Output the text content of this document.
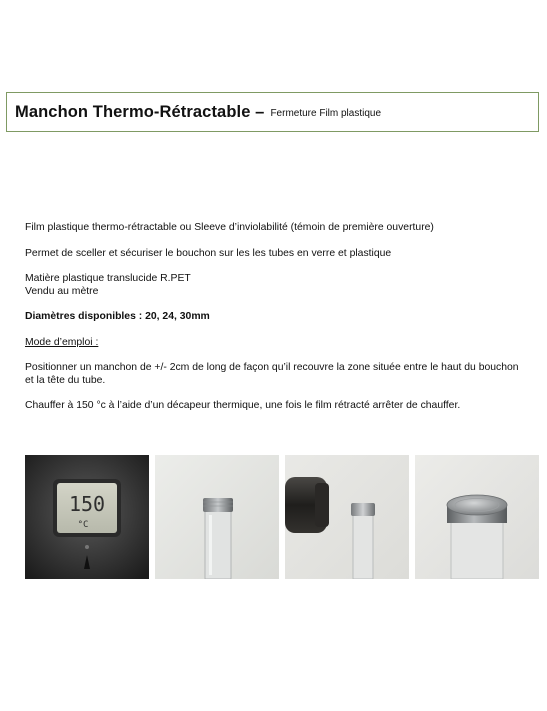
Manchon Thermo-Rétractable – Fermeture Film plastique

Film plastique thermo-rétractable ou Sleeve d’inviolabilité (témoin de première ouverture)

Permet de sceller et sécuriser le bouchon sur les les tubes en verre et plastique

Matière plastique translucide R.PET
Vendu au mètre

Diamètres disponibles : 20, 24, 30mm

Mode d’emploi :

Positionner un manchon de +/- 2cm de long de façon qu’il recouvre la zone située entre le haut du bouchon et la tête du tube.

Chauffer à 150 °c à l’aide d’un décapeur thermique, une fois le film rétracté arrêter de chauffer.

150
°C
